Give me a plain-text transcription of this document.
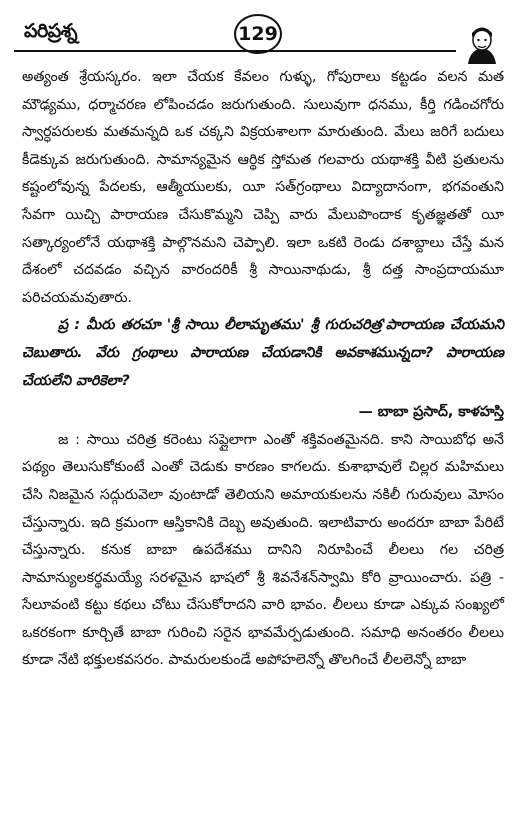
పరిప్రశ్న	129

అత్యంత శ్రేయస్కరం. ఇలా చేయక కేవలం గుళ్ళు, గోపురాలు కట్టడం వలన మత మౌఢ్యము, ధర్మాచరణ లోపించడం జరుగుతుంది. సులువుగా ధనము, కీర్తి గడించగోరు స్వార్ధపరులకు మతమన్నది ఒక చక్కని విక్రయశాలగా మారుతుంది. మేలు జరిగే బదులు కీడెక్కువ జరుగుతుంది. సామాన్యమైన ఆర్థిక స్తోమత గలవారు యథాశక్తి వీటి ప్రతులను కష్టంలోవున్న పేదలకు, ఆత్మీయులకు, యీ సత్‌గ్రంథాలు విద్యాదానంగా, భగవంతుని సేవగా యిచ్చి పారాయణ చేసుకొమ్మని చెప్పి వారు మేలుపొందాక కృతజ్ఞతతో యీ సత్కార్యంలోనే యథాశక్తి పాల్గొనమని చెప్పాలి. ఇలా ఒకటి రెండు దశాబ్దాలు చేస్తే మన దేశంలో చదవడం వచ్చిన వారందరికీ శ్రీ సాయినాథుడు, శ్రీ దత్త సాంప్రదాయమూ పరిచయమవుతారు.

ప్ర : మీరు తరచూ 'శ్రీ సాయి లీలామృతము' శ్రీ గురుచరిత్ర'పారాయణ చేయమని చెబుతారు. వేరు గ్రంథాలు పారాయణ చేయడానికి అవకాశమున్నదా? పారాయణ చేయలేని వారికెలా?

— బాబా ప్రసాద్, కాళహస్తి

జ : సాయి చరిత్ర కరెంటు సప్లైలాగా ఎంతో శక్తివంతమైనది. కాని సాయిబోధ అనే పథ్యం తెలుసుకోకుంటే ఎంతో చెడుకు కారణం కాగలదు. కుశాభావులే చిల్లర మహిమలు చేసి నిజమైన సద్గురువెలా వుంటాడో తెలియని అమాయకులను నకిలీ గురువులు మోసం చేస్తున్నారు. ఇది క్రమంగా ఆస్తికానికి దెబ్బ అవుతుంది. ఇలాటివారు అందరూ బాబా పేరిటే చేస్తున్నారు. కనుక బాబా ఉపదేశము దానిని నిరూపించే లీలలు గల చరిత్ర సామాన్యులకర్థమయ్యే సరళమైన భాషలో శ్రీ శివనేశన్‌స్వామి కోరి వ్రాయించారు. పత్రి - సేలూవంటి కట్టు కథలు చోటు చేసుకోరాదని వారి భావం. లీలలు కూడా ఎక్కువ సంఖ్యలో ఒకరకంగా కూర్చితే బాబా గురించి సరైన భావమేర్పడుతుంది. సమాధి అనంతరం లీలలు కూడా నేటి భక్తులకవసరం. పామరులకుండే అపోహలెన్నో తొలగించే లీలలెన్నో బాబా
